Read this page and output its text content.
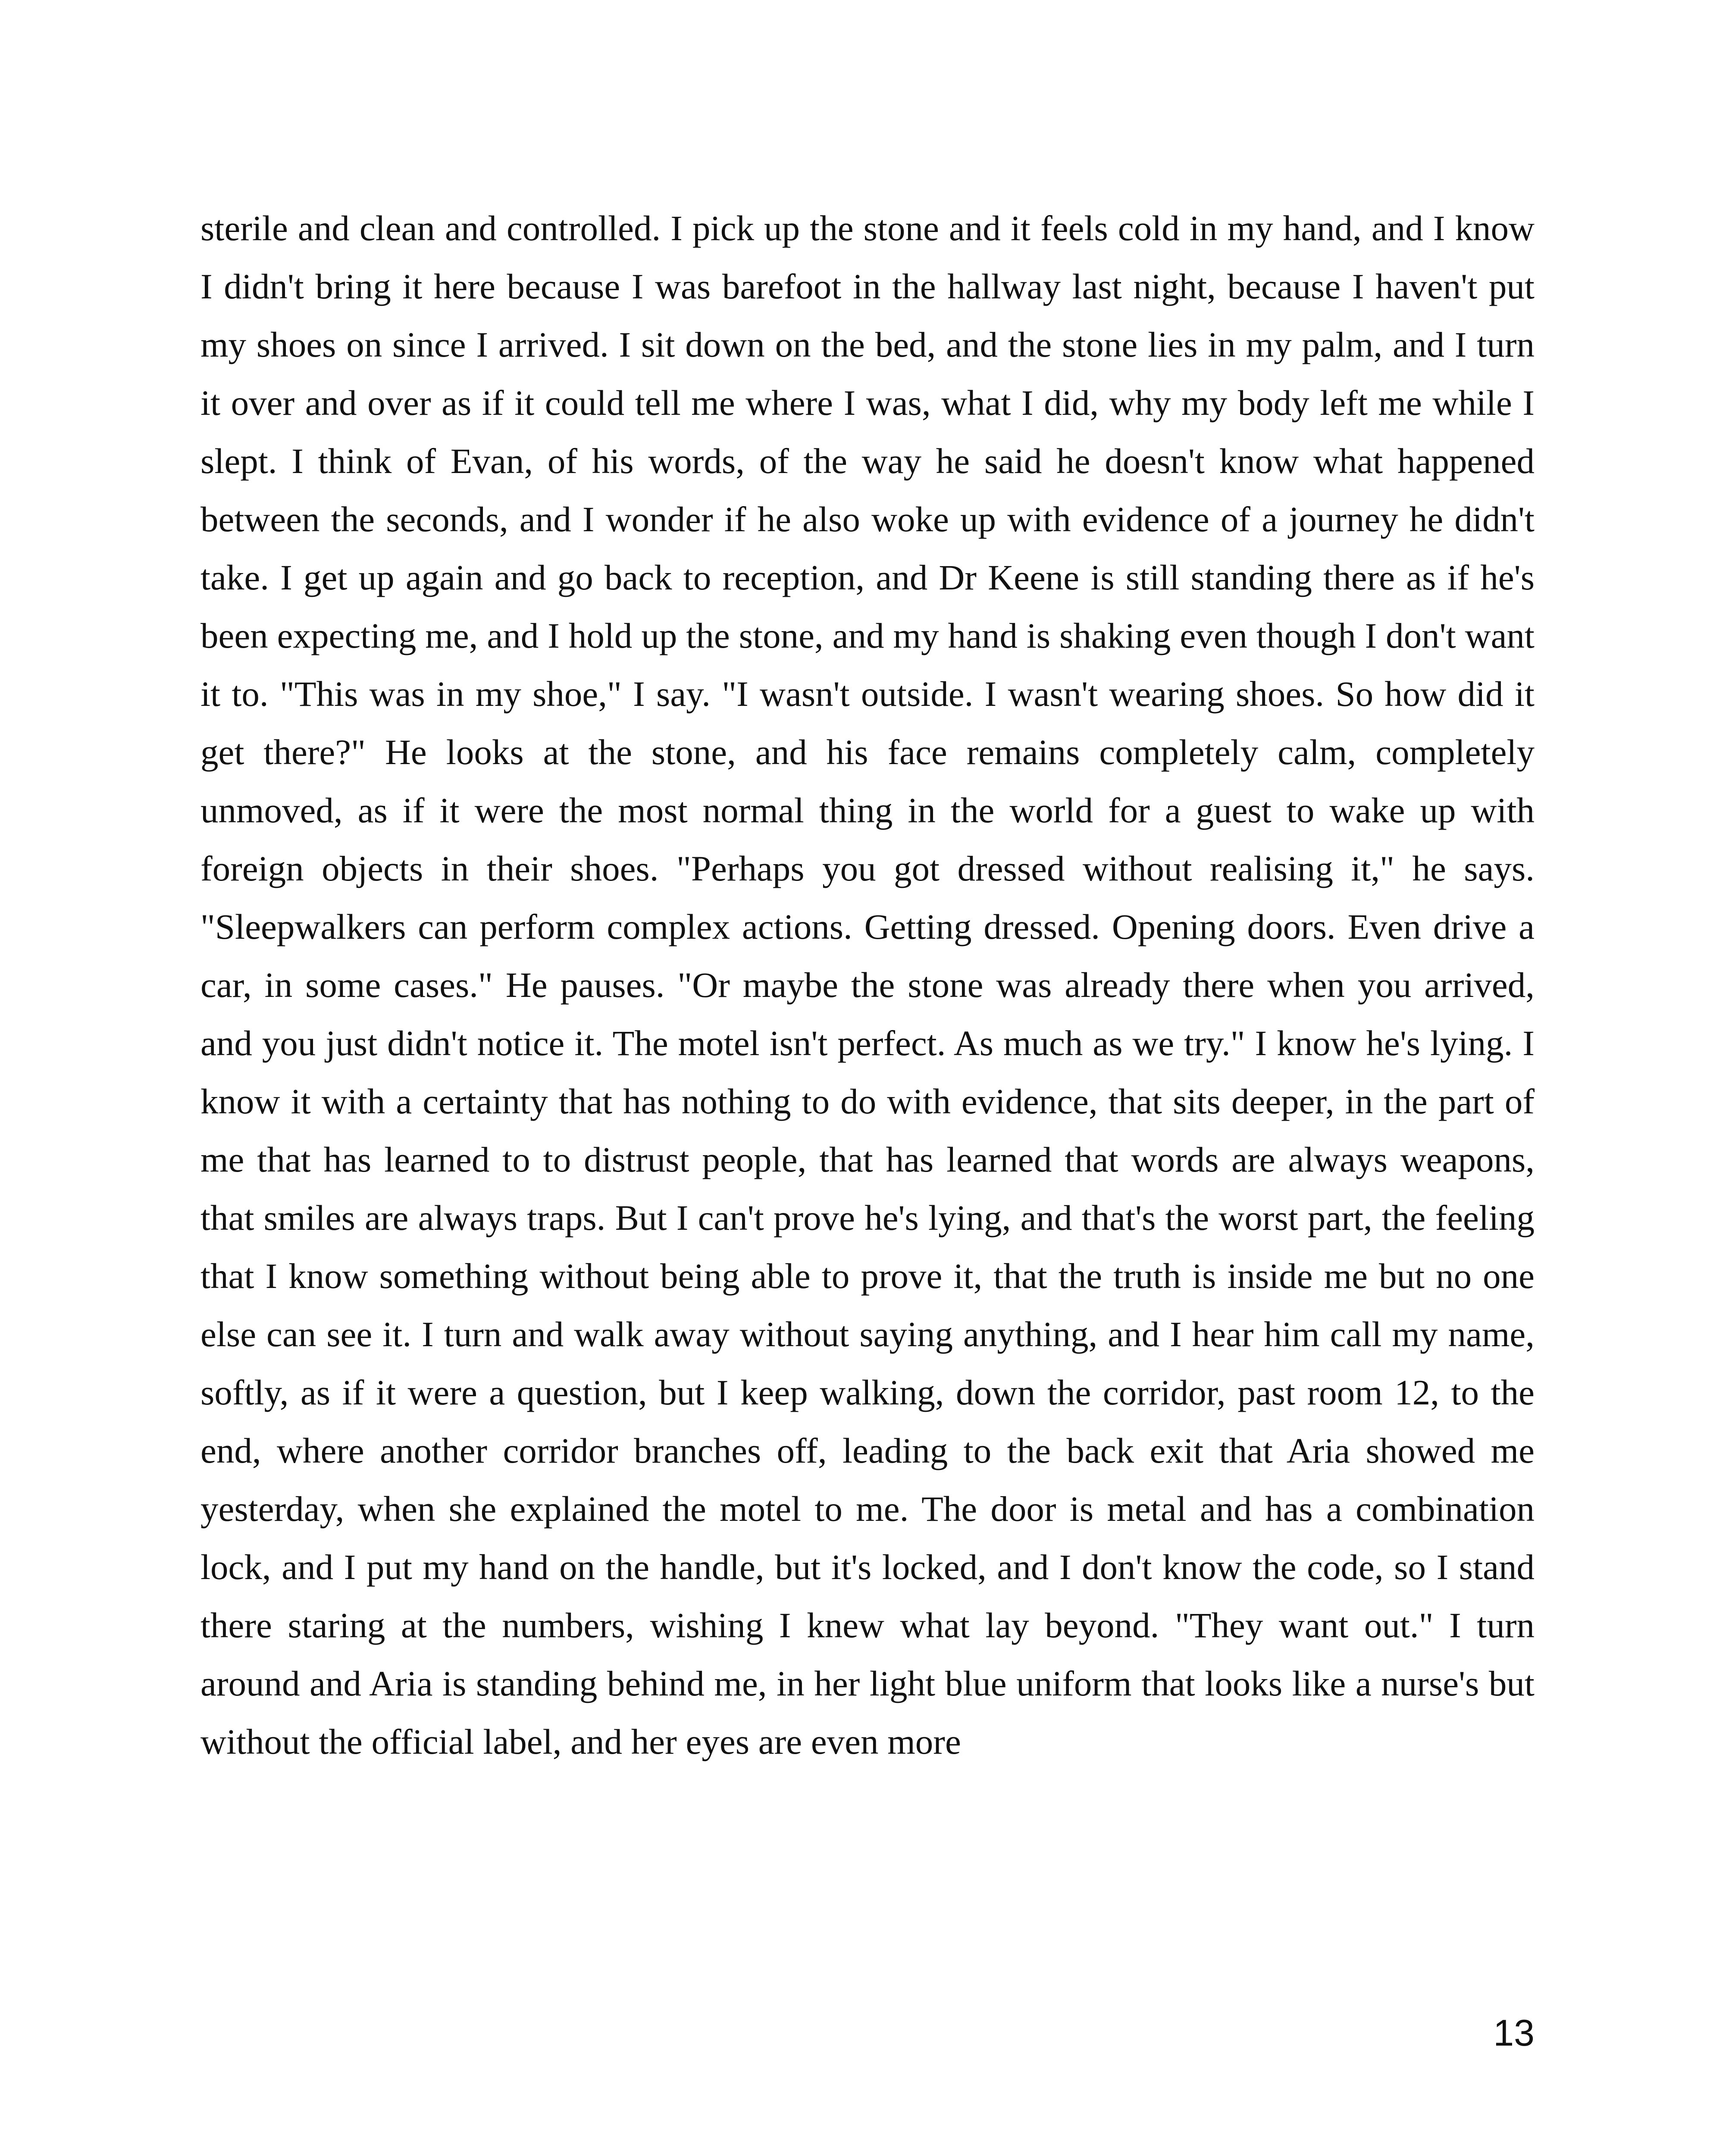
sterile and clean and controlled. I pick up the stone and it feels cold in my hand, and I know I didn't bring it here because I was barefoot in the hallway last night, because I haven't put my shoes on since I arrived. I sit down on the bed, and the stone lies in my palm, and I turn it over and over as if it could tell me where I was, what I did, why my body left me while I slept. I think of Evan, of his words, of the way he said he doesn't know what happened between the seconds, and I wonder if he also woke up with evidence of a journey he didn't take. I get up again and go back to reception, and Dr Keene is still standing there as if he's been expecting me, and I hold up the stone, and my hand is shaking even though I don't want it to. "This was in my shoe," I say. "I wasn't outside. I wasn't wearing shoes. So how did it get there?" He looks at the stone, and his face remains completely calm, completely unmoved, as if it were the most normal thing in the world for a guest to wake up with foreign objects in their shoes. "Perhaps you got dressed without realising it," he says. "Sleepwalkers can perform complex actions. Getting dressed. Opening doors. Even drive a car, in some cases." He pauses. "Or maybe the stone was already there when you arrived, and you just didn't notice it. The motel isn't perfect. As much as we try." I know he's lying. I know it with a certainty that has nothing to do with evidence, that sits deeper, in the part of me that has learned to to distrust people, that has learned that words are always weapons, that smiles are always traps. But I can't prove he's lying, and that's the worst part, the feeling that I know something without being able to prove it, that the truth is inside me but no one else can see it. I turn and walk away without saying anything, and I hear him call my name, softly, as if it were a question, but I keep walking, down the corridor, past room 12, to the end, where another corridor branches off, leading to the back exit that Aria showed me yesterday, when she explained the motel to me. The door is metal and has a combination lock, and I put my hand on the handle, but it's locked, and I don't know the code, so I stand there staring at the numbers, wishing I knew what lay beyond. "They want out." I turn around and Aria is standing behind me, in her light blue uniform that looks like a nurse's but without the official label, and her eyes are even more

13
